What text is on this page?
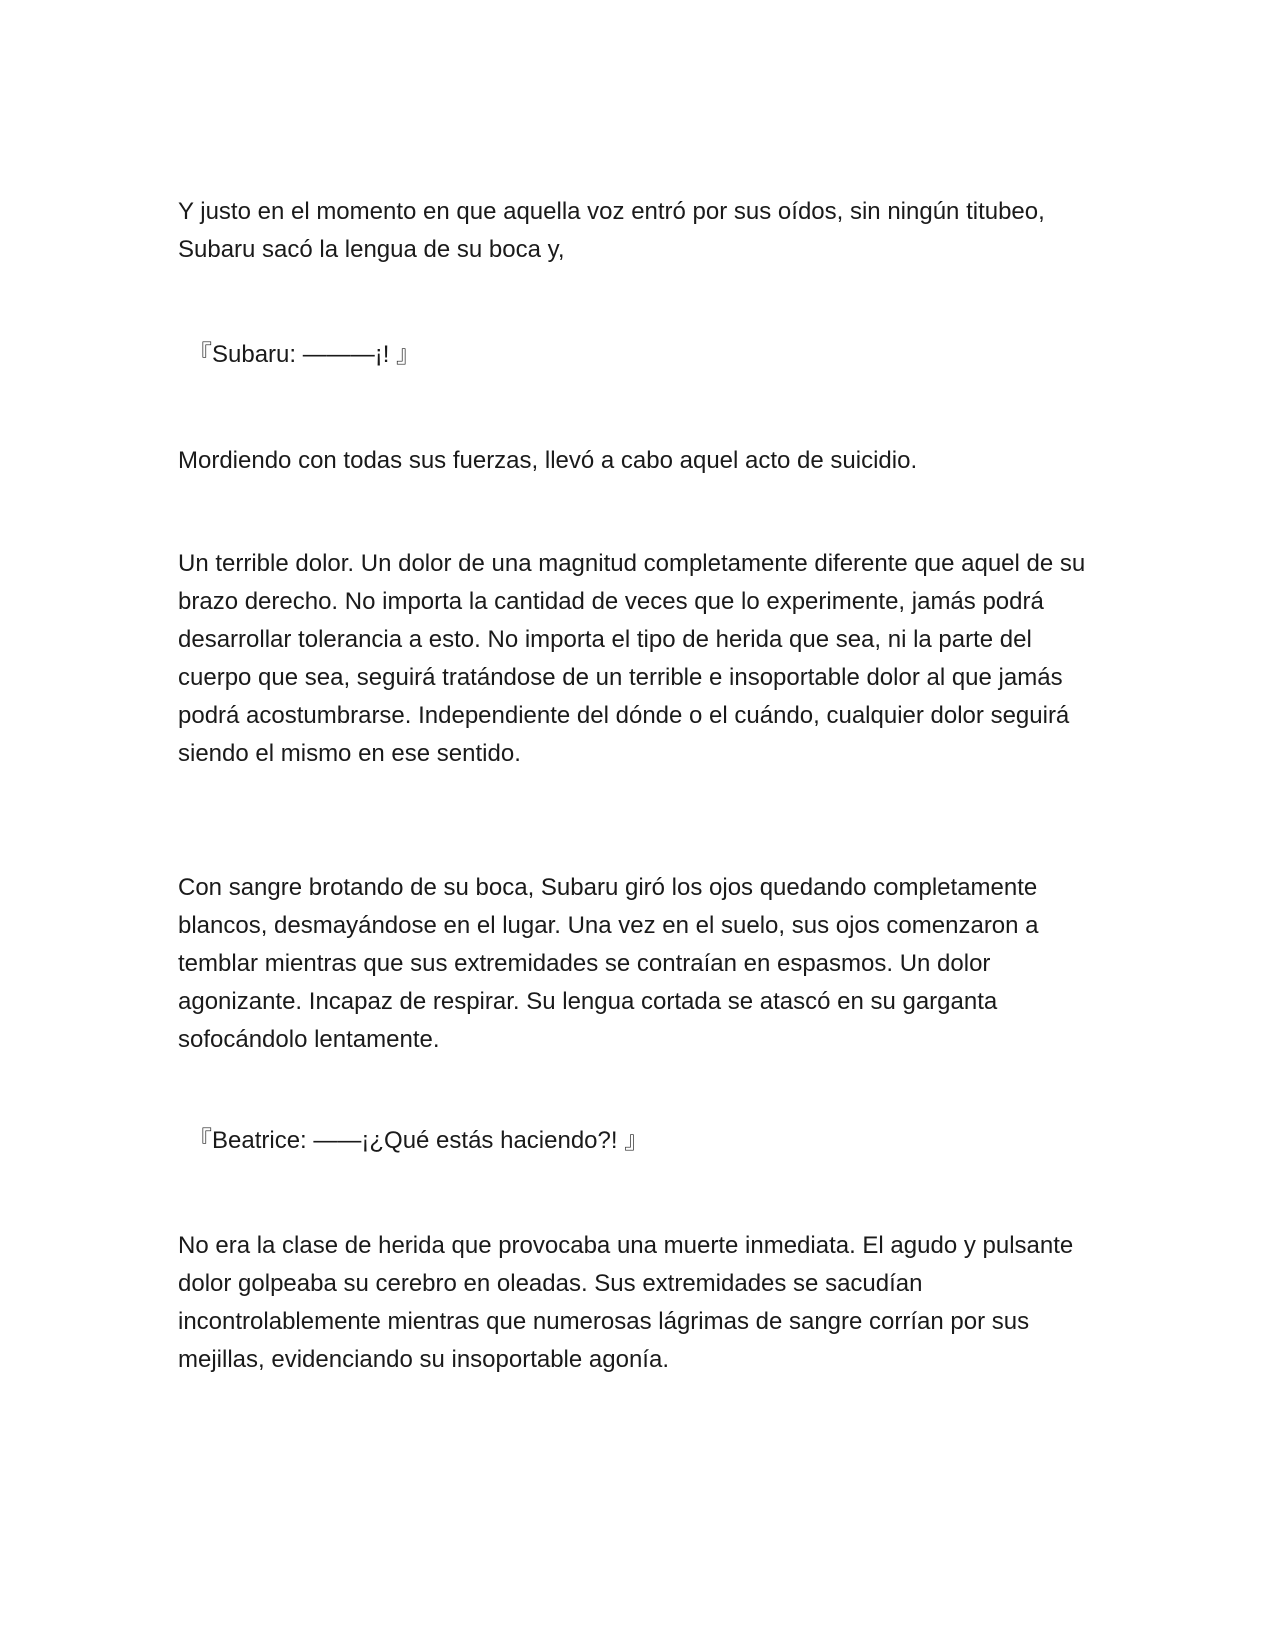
Y justo en el momento en que aquella voz entró por sus oídos, sin ningún titubeo, Subaru sacó la lengua de su boca y,

『Subaru: ———¡! 』

Mordiendo con todas sus fuerzas, llevó a cabo aquel acto de suicidio.

Un terrible dolor. Un dolor de una magnitud completamente diferente que aquel de su brazo derecho. No importa la cantidad de veces que lo experimente, jamás podrá desarrollar tolerancia a esto. No importa el tipo de herida que sea, ni la parte del cuerpo que sea, seguirá tratándose de un terrible e insoportable dolor al que jamás podrá acostumbrarse. Independiente del dónde o el cuándo, cualquier dolor seguirá siendo el mismo en ese sentido.

Con sangre brotando de su boca, Subaru giró los ojos quedando completamente blancos, desmayándose en el lugar. Una vez en el suelo, sus ojos comenzaron a temblar mientras que sus extremidades se contraían en espasmos. Un dolor agonizante. Incapaz de respirar. Su lengua cortada se atascó en su garganta sofocándolo lentamente.

『Beatrice: ——¡¿Qué estás haciendo?! 』

No era la clase de herida que provocaba una muerte inmediata. El agudo y pulsante dolor golpeaba su cerebro en oleadas. Sus extremidades se sacudían incontrolablemente mientras que numerosas lágrimas de sangre corrían por sus mejillas, evidenciando su insoportable agonía.
